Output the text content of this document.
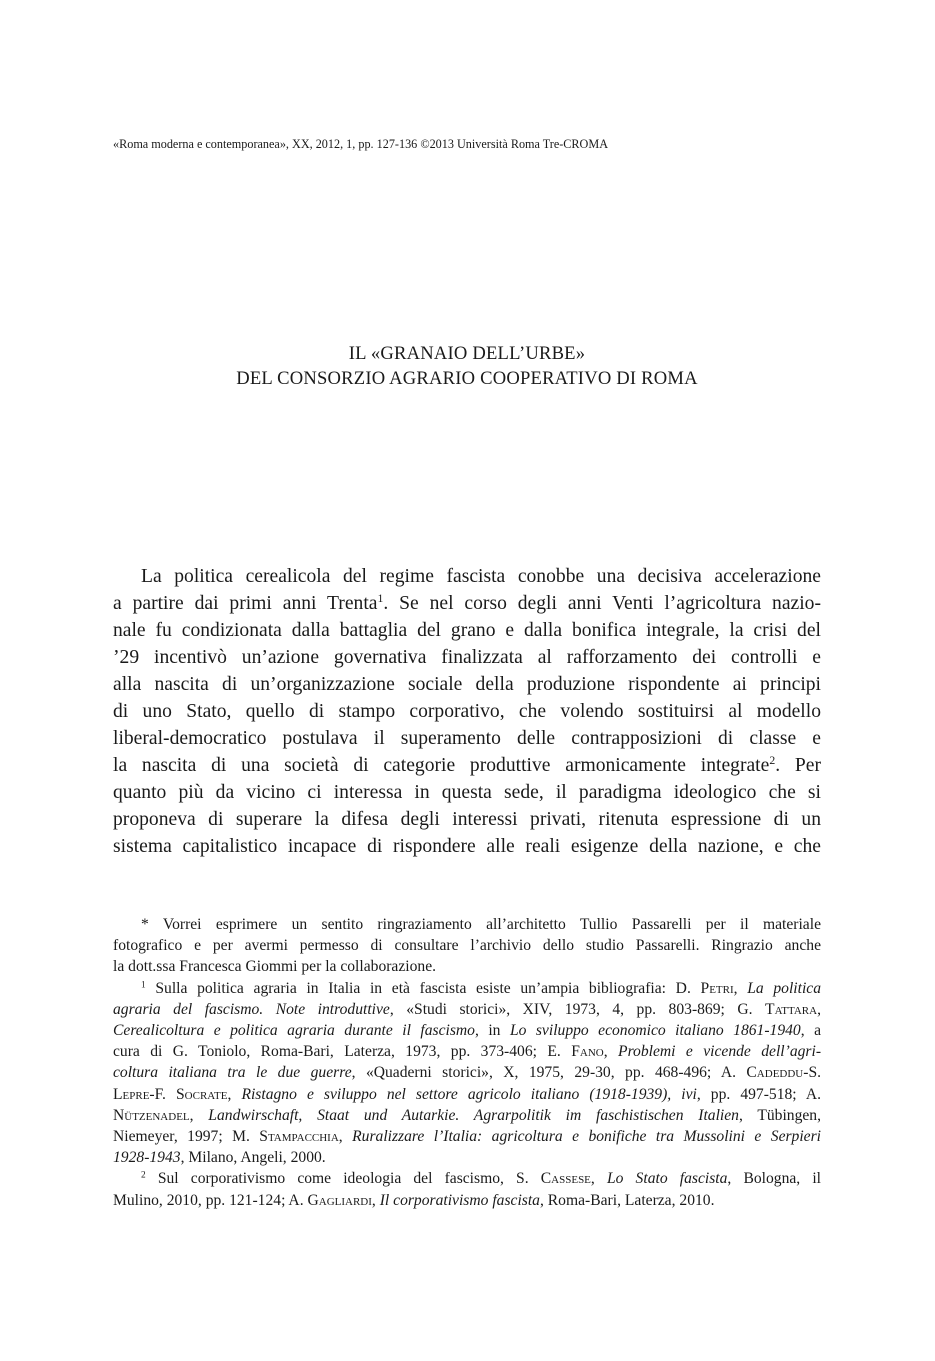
«Roma moderna e contemporanea», XX, 2012, 1, pp. 127-136 ©2013 Università Roma Tre-CROMA
IL «GRANAIO DELL’URBE»
DEL CONSORZIO AGRARIO COOPERATIVO DI ROMA
La politica cerealicola del regime fascista conobbe una decisiva accelerazione
a partire dai primi anni Trenta$^1$. Se nel corso degli anni Venti l’agricoltura nazio-
nale fu condizionata dalla battaglia del grano e dalla bonifica integrale, la crisi del
’29 incentivò un’azione governativa finalizzata al rafforzamento dei controlli e
alla nascita di un’organizzazione sociale della produzione rispondente ai principi
di uno Stato, quello di stampo corporativo, che volendo sostituirsi al modello
liberal-democratico postulava il superamento delle contrapposizioni di classe e
la nascita di una società di categorie produttive armonicamente integrate$^2$. Per
quanto più da vicino ci interessa in questa sede, il paradigma ideologico che si
proponeva di superare la difesa degli interessi privati, ritenuta espressione di un
sistema capitalistico incapace di rispondere alle reali esigenze della nazione, e che
* Vorrei esprimere un sentito ringraziamento all’architetto Tullio Passarelli per il materiale
fotografico e per avermi permesso di consultare l’archivio dello studio Passarelli. Ringrazio anche
la dott.ssa Francesca Giommi per la collaborazione.
$^1$ Sulla politica agraria in Italia in età fascista esiste un’ampia bibliografia: D. Petri, La politica
agraria del fascismo. Note introduttive, «Studi storici», XIV, 1973, 4, pp. 803-869; G. Tattara,
Cerealicoltura e politica agraria durante il fascismo, in Lo sviluppo economico italiano 1861-1940, a
cura di G. Toniolo, Roma-Bari, Laterza, 1973, pp. 373-406; E. Fano, Problemi e vicende dell’agri-
coltura italiana tra le due guerre, «Quaderni storici», X, 1975, 29-30, pp. 468-496; A. Cadeddu-S.
Lepre-F. Socrate, Ristagno e sviluppo nel settore agricolo italiano (1918-1939), ivi, pp. 497-518; A.
Nützenadel, Landwirschaft, Staat und Autarkie. Agrarpolitik im faschistischen Italien, Tübingen,
Niemeyer, 1997; M. Stampacchia, Ruralizzare l’Italia: agricoltura e bonifiche tra Mussolini e Serpieri
1928-1943, Milano, Angeli, 2000.
$^2$ Sul corporativismo come ideologia del fascismo, S. Cassese, Lo Stato fascista, Bologna, il
Mulino, 2010, pp. 121-124; A. Gagliardi, Il corporativismo fascista, Roma-Bari, Laterza, 2010.
